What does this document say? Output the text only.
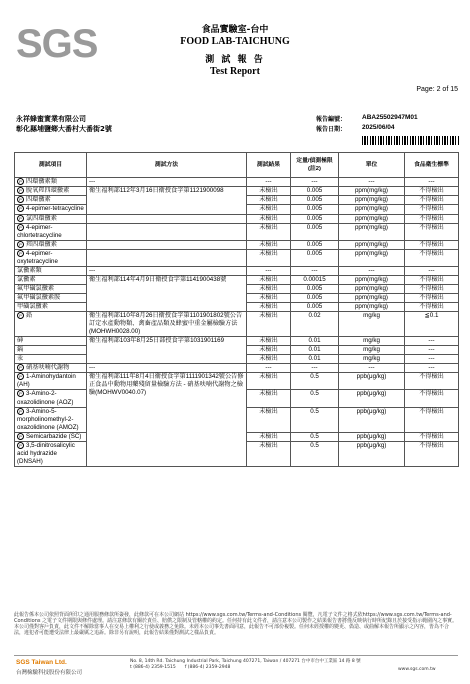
SGS	食品實驗室-台中
FOOD LAB-TAICHUNG
測 試 報 告
Test Report
Page: 2 of 15
永祥蜂蜜實業有限公司
彰化縣埔鹽鄉大番村大番街2號
報告編號： ABA25502947M01
報告日期： 2025/06/04
測試項目	測試方法	測試結果	定量/偵測極限(註2)	單位	食品衛生標準
P 四環黴素類	---	---	---	---	---
P 脫氧羥四環黴素	衛生福利部112年3月16日衛授食字第1121900098	未檢出	0.005	ppm(mg/kg)	不得檢出
P 四環黴素		未檢出	0.005	ppm(mg/kg)	不得檢出
P 4-epimer-tetracycline		未檢出	0.005	ppm(mg/kg)	不得檢出
P 氯四環黴素		未檢出	0.005	ppm(mg/kg)	不得檢出
P 4-epimer-chlortetracycline		未檢出	0.005	ppm(mg/kg)	不得檢出
P 羥四環黴素		未檢出	0.005	ppm(mg/kg)	不得檢出
P 4-epimer-oxytetracycline		未檢出	0.005	ppm(mg/kg)	不得檢出
氯黴素類	---	---	---	---	---
氯黴素	衛生福利部114年4月9日衛授食字第1141900438號	未檢出	0.00015	ppm(mg/kg)	不得檢出
氟甲磺氯黴素		未檢出	0.005	ppm(mg/kg)	不得檢出
氟甲磺氯黴素胺		未檢出	0.005	ppm(mg/kg)	不得檢出
甲磺氯黴素		未檢出	0.005	ppm(mg/kg)	不得檢出
P 鉛	衛生福利部110年8月26日衛授食字第1101901802號公告訂定水產動物類、禽畜產品類及蜂蜜中重金屬檢驗方法(MOHWH0028.00)	未檢出	0.02	mg/kg	≦0.1
砷	衛生福利部103年8月25日部授食字第1031901169	未檢出	0.01	mg/kg	---
鎘		未檢出	0.01	mg/kg	---
汞		未檢出	0.01	mg/kg	---
P 硝基呋喃代謝物	---	---	---	---	---
P 1-Aminohydantoin (AH)	衛生福利部111年8月4日衛授食字第1111901342號公告修正食品中動物用藥殘留量檢驗方法 - 硝基呋喃代謝物之檢驗(MOHWV0040.07)	未檢出	0.5	ppb(μg/kg)	不得檢出
P 3-Amino-2-oxazolidinone (AOZ)		未檢出	0.5	ppb(μg/kg)	不得檢出
P 3-Amino-5-morpholinomethyl-2-oxazolidinone (AMOZ)		未檢出	0.5	ppb(μg/kg)	不得檢出
P Semicarbazide (SC)		未檢出	0.5	ppb(μg/kg)	不得檢出
P 3,5-dinitrosalicylic acid hydrazide (DNSAH)		未檢出	0.5	ppb(μg/kg)	不得檢出
此報告係本公司依照背面所印之通用服務條款所簽發，此條款可在本公司網站 https://www.sgs.com.tw/Terms-and-Conditions 閱覽，凡電子文件之格式依https://www.sgs.com.tw/Terms-and-Conditions 之電子文件期限與條件處理。請注意條款有關於責任、賠償之限制及管轄權的約定。任何持有此文件者，請注意本公司製作之結果報告書將僅反映執行時所紀錄且於接受指示範圍內之事實。本公司僅對客戶負責，此文件不解除當事人在交易上權利之行使或義務之免除。未經本公司事先書面同意，此報告不可部份複製。任何未經授權的變更、偽造、或曲解本報告所顯示之內容，皆為不合法，違犯者可能遭受法律上最嚴厲之追訴。除非另有說明，此報告結果僅對測試之樣品負責。
SGS Taiwan Ltd.
台灣檢驗科技股份有限公司
No. 8, 14th Rd. Taichung Industrial Park, Taichung 407271, Taiwan / 407271 台中市台中工業區 14 路 8 號
t (886-4) 2359-1515　　f (886-4) 2359-2948	www.sgs.com.tw
